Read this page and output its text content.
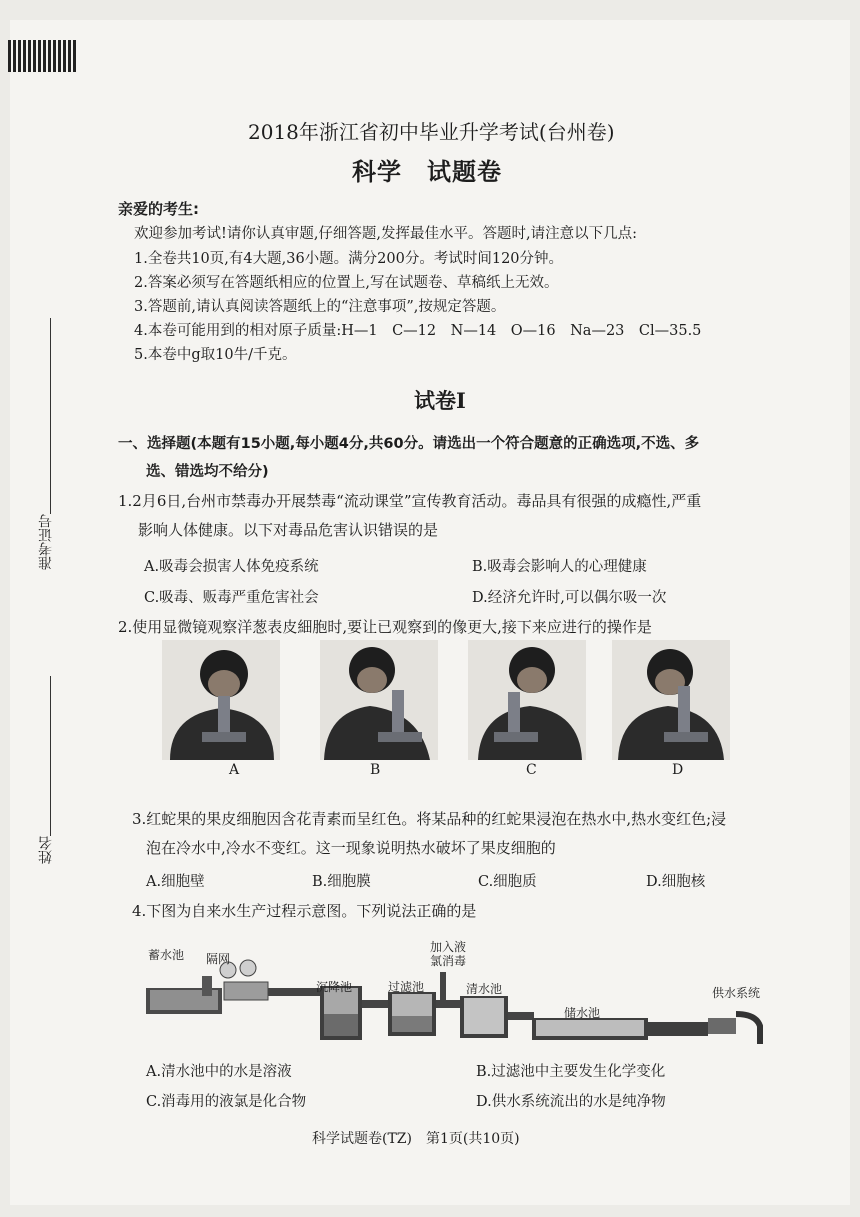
2018年浙江省初中毕业升学考试(台州卷)
科学　试题卷
亲爱的考生:
欢迎参加考试!请你认真审题,仔细答题,发挥最佳水平。答题时,请注意以下几点:
1.全卷共10页,有4大题,36小题。满分200分。考试时间120分钟。
2.答案必须写在答题纸相应的位置上,写在试题卷、草稿纸上无效。
3.答题前,请认真阅读答题纸上的“注意事项”,按规定答题。
4.本卷可能用到的相对原子质量:H—1　C—12　N—14　O—16　Na—23　Cl—35.5
5.本卷中g取10牛/千克。
试卷Ⅰ
一、选择题(本题有15小题,每小题4分,共60分。请选出一个符合题意的正确选项,不选、多
选、错选均不给分)
准考证号
姓名
1.2月6日,台州市禁毒办开展禁毒“流动课堂”宣传教育活动。毒品具有很强的成瘾性,严重
影响人体健康。以下对毒品危害认识错误的是
A.吸毒会损害人体免疫系统	B.吸毒会影响人的心理健康
C.吸毒、贩毒严重危害社会	D.经济允许时,可以偶尔吸一次
2.使用显微镜观察洋葱表皮細胞时,要让已观察到的像更大,接下来应进行的操作是
A	B	C	D
3.红蛇果的果皮细胞因含花青素而呈红色。将某品种的红蛇果浸泡在热水中,热水变红色;浸
泡在冷水中,冷水不变红。这一现象说明热水破坏了果皮细胞的
A.细胞壁	B.细胞膜	C.细胞质	D.细胞核
4.下图为自来水生产过程示意图。下列说法正确的是
蓄水池 隔网
沉降池	过滤池
加入液氯消毒
清水池
储水池
供水系统
A.清水池中的水是溶液	B.过滤池中主要发生化学变化
C.消毒用的液氯是化合物	D.供水系统流出的水是纯净物
科学试题卷(TZ)　第1页(共10页)
